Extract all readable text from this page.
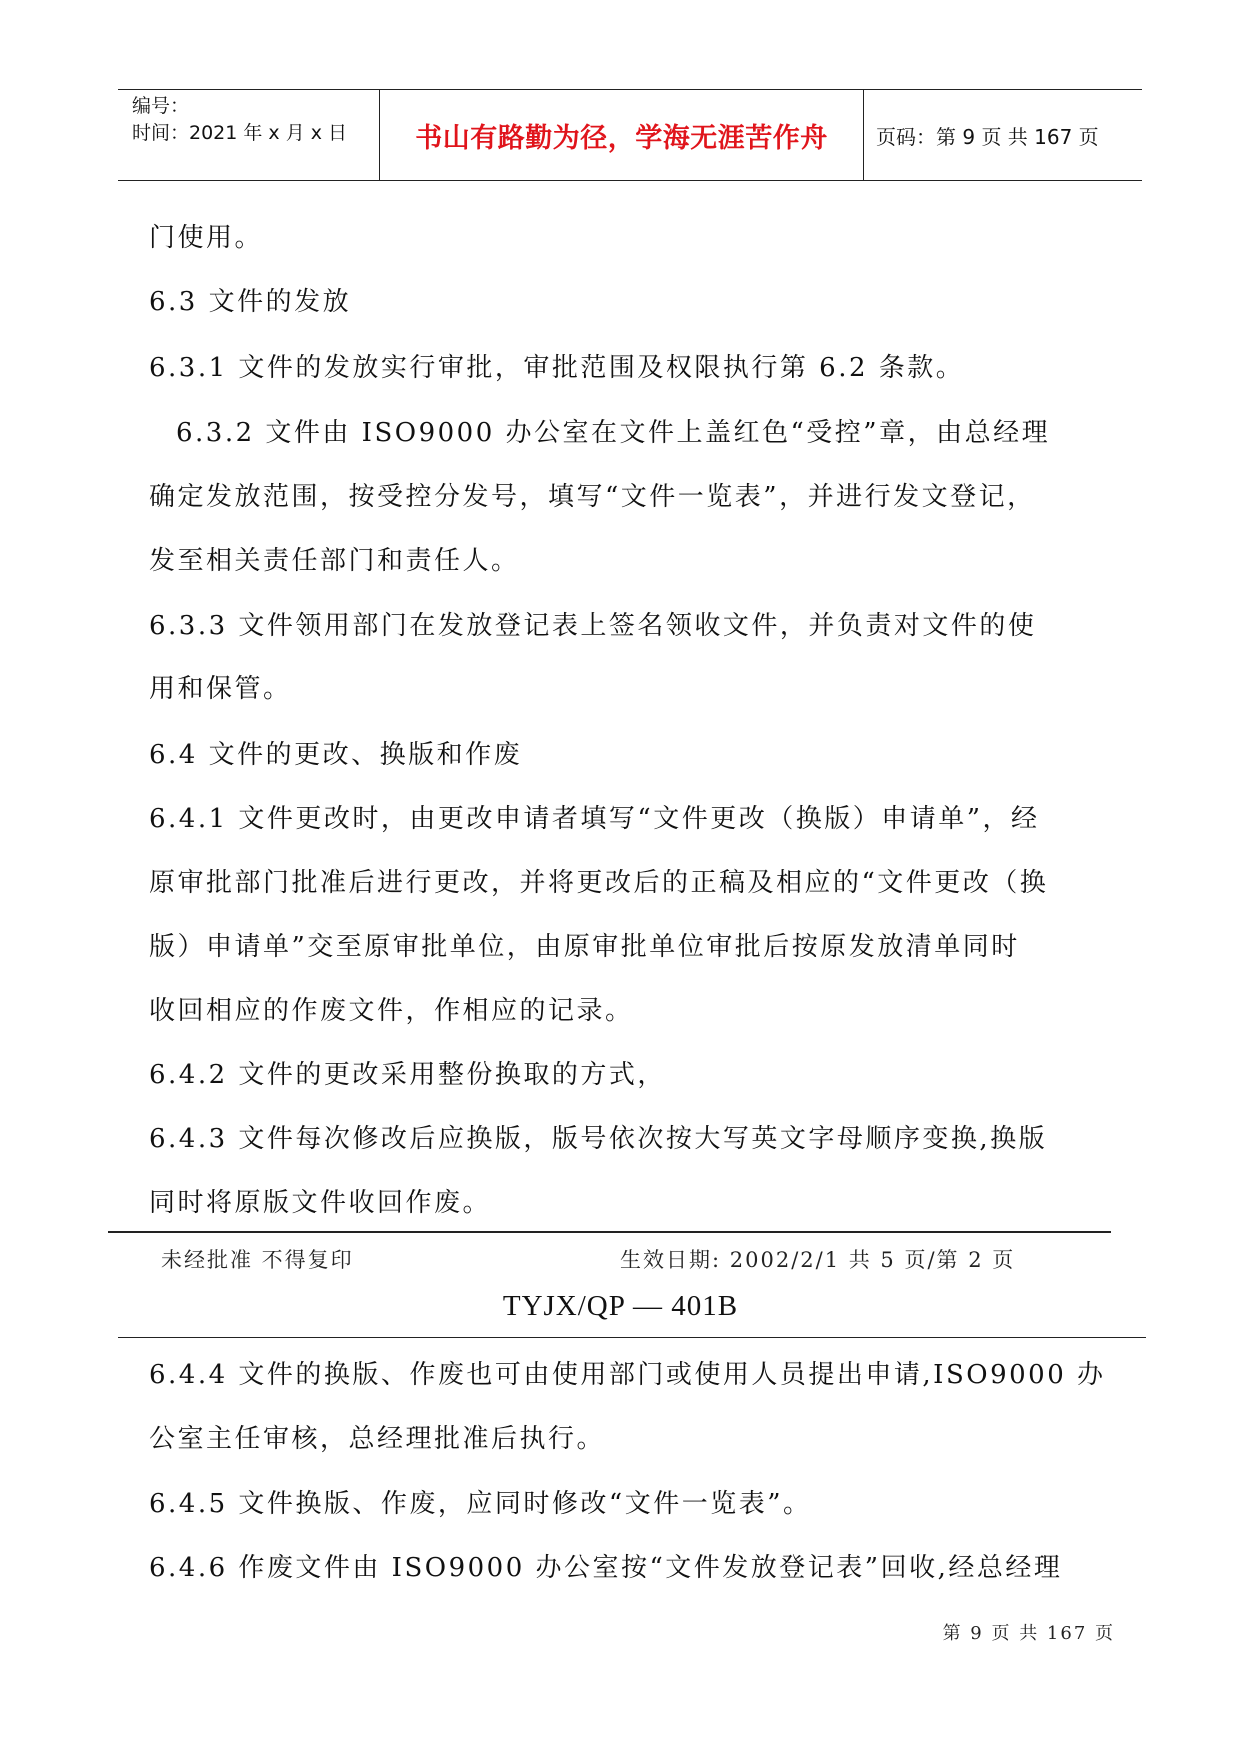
编号：
时间：2021 年 x 月 x 日	书山有路勤为径，学海无涯苦作舟 页码：第 9 页 共 167 页
门使用。
6.3 文件的发放
6.3.1 文件的发放实行审批，审批范围及权限执行第 6.2 条款。
6.3.2 文件由 ISO9000 办公室在文件上盖红色“受控”章，由总经理
确定发放范围，按受控分发号，填写“文件一览表”，并进行发文登记，
发至相关责任部门和责任人。
6.3.3 文件领用部门在发放登记表上签名领收文件，并负责对文件的使
用和保管。
6.4 文件的更改、换版和作废
6.4.1 文件更改时，由更改申请者填写“文件更改（换版）申请单”，经
原审批部门批准后进行更改，并将更改后的正稿及相应的“文件更改（换
版）申请单”交至原审批单位，由原审批单位审批后按原发放清单同时
收回相应的作废文件，作相应的记录。
6.4.2 文件的更改采用整份换取的方式，
6.4.3 文件每次修改后应换版，版号依次按大写英文字母顺序变换,换版
同时将原版文件收回作废。
未经批准 不得复印	生效日期: 2002/2/1 共 5 页/第 2 页
TYJX/QP — 401B
6.4.4 文件的换版、作废也可由使用部门或使用人员提出申请,ISO9000 办
公室主任审核，总经理批准后执行。
6.4.5 文件换版、作废，应同时修改“文件一览表”。
6.4.6 作废文件由 ISO9000 办公室按“文件发放登记表”回收,经总经理
第 9 页 共 167 页
